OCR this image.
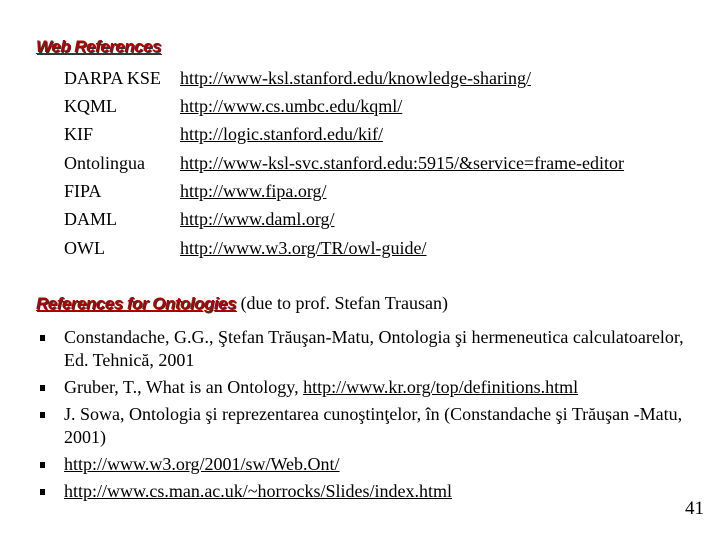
Web References
DARPA KSE http://www-ksl.stanford.edu/knowledge-sharing/
KQML	http://www.cs.umbc.edu/kqml/
KIF	http://logic.stanford.edu/kif/
Ontolingua http://www-ksl-svc.stanford.edu:5915/&service=frame-editor
FIPA	http://www.fipa.org/
DAML	http://www.daml.org/
OWL	http://www.w3.org/TR/owl-guide/
References for Ontologies (due to prof. Stefan Trausan)
Constandache, G.G., Ştefan Trăuşan-Matu, Ontologia şi hermeneutica calculatoarelor, Ed. Tehnică, 2001
Gruber, T., What is an Ontology, http://www.kr.org/top/definitions.html
J. Sowa, Ontologia şi reprezentarea cunoştinţelor, în (Constandache şi Trăuşan -Matu, 2001)
http://www.w3.org/2001/sw/Web.Ont/
http://www.cs.man.ac.uk/~horrocks/Slides/index.html
41
